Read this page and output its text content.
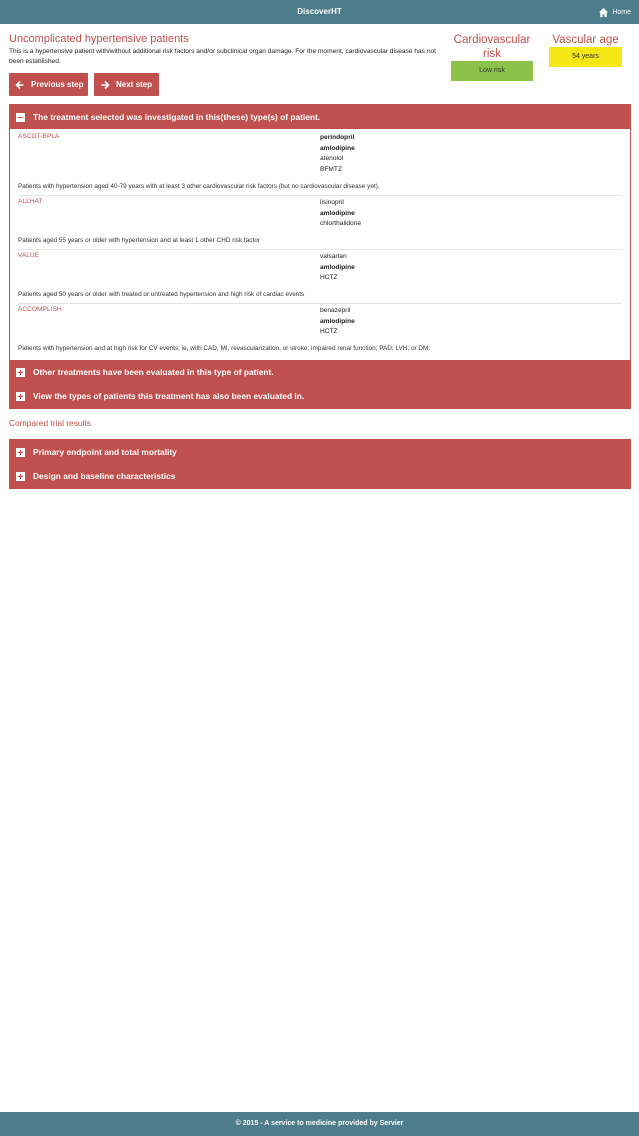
DiscoverHT	Home
Uncomplicated hypertensive patients
This is a hypertensive patient with/without additional risk factors and/or subclinical organ damage. For the moment, cardiovascular disease has not been established.
Cardiovascular risk
Low risk
Vascular age
54 years
Previous step	Next step
The treatment selected was investigated in this(these) type(s) of patient.
ASCOT-BPLA	perindopril
amlodipine
atenolol
BFMTZ
Patients with hypertension aged 40-79 years with at least 3 other cardiovascular risk factors (but no cardiovascular disease yet).
ALLHAT	lisinopril
amlodipine
chlorthalidone
Patients aged 55 years or older with hypertension and at least 1 other CHD risk factor
VALUE	valsartan
amlodipine
HCTZ
Patients aged 50 years or older with treated or untreated hypertension and high risk of cardiac events
ACCOMPLISH	benazepril
amlodipine
HCTZ
Patients with hypertension and at high risk for CV events; ie, with CAD, MI, revascularization, or stroke; impaired renal function; PAD; LVH; or DM.
Other treatments have been evaluated in this type of patient.
View the types of patients this treatment has also been evaluated in.
Compared trial results
Primary endpoint and total mortality
Design and baseline characteristics
© 2015 - A service to medicine provided by Servier
